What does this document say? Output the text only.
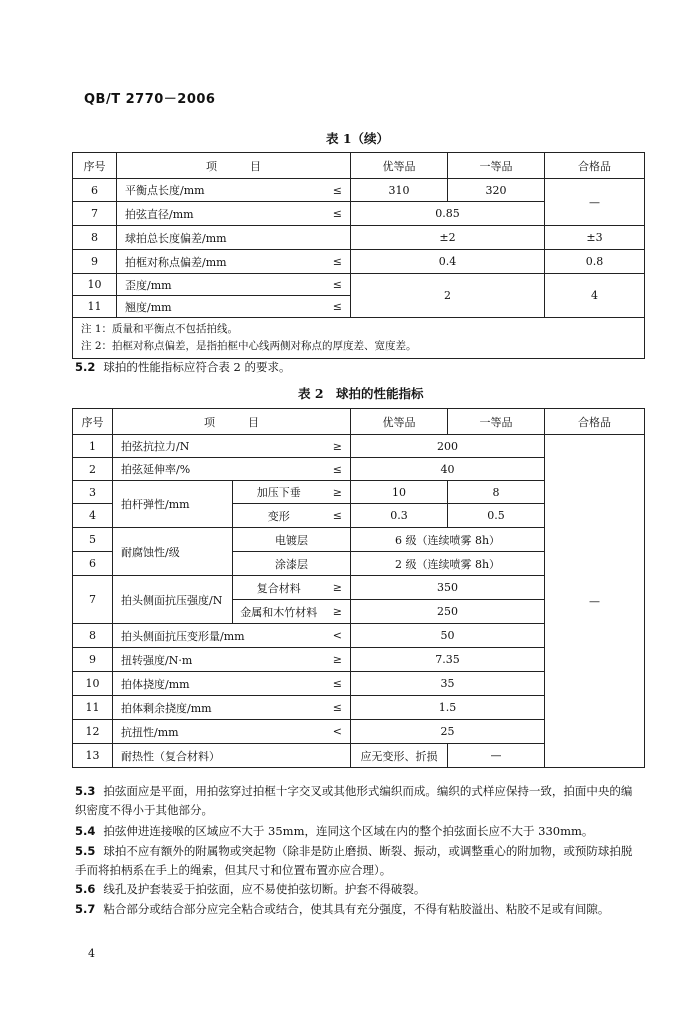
QB/T 2770－2006
表 1（续）
序号	项　　　目		优等品	一等品	合格品
6	平衡点长度/mm	≤	310	320	—
7	拍弦直径/mm	≤	0.85		
8	球拍总长度偏差/mm		±2		±3
9	拍框对称点偏差/mm	≤	0.4		0.8
10	歪度/mm	≤	2		4
11	翘度/mm	≤			

注 1：质量和平衡点不包括拍线。
注 2：拍框对称点偏差，是指拍框中心线两侧对称点的厚度差、宽度差。					
5.2 球拍的性能指标应符合表 2 的要求。
表 2　球拍的性能指标
序号	项　　　目			优等品	一等品	合格品
1	拍弦抗拉力/N		≥	200		—
2	拍弦延伸率/%		≤	40		
3	拍杆弹性/mm	加压下垂	≥	10	8	
4		变形	≤	0.3	0.5	
5	耐腐蚀性/级	电镀层		6 级（连续喷雾 8h）		
6		涂漆层		2 级（连续喷雾 8h）		
7	拍头侧面抗压强度/N	复合材料	≥	350		
		金属和木竹材料	≥	250		
8	拍头侧面抗压变形量/mm		<	50		
9	扭转强度/N·m		≥	7.35		
10	拍体挠度/mm		≤	35		
11	拍体剩余挠度/mm		≤	1.5		
12	抗扭性/mm		<	25		
13	耐热性（复合材料）			应无变形、折损	—	
5.3 拍弦面应是平面，用拍弦穿过拍框十字交叉或其他形式编织而成。编织的式样应保持一致，拍面中央的编织密度不得小于其他部分。
5.4 拍弦伸进连接喉的区域应不大于 35mm，连同这个区域在内的整个拍弦面长应不大于 330mm。
5.5 球拍不应有额外的附属物或突起物（除非是防止磨损、断裂、振动，或调整重心的附加物，或预防球拍脱手而将拍柄系在手上的绳索，但其尺寸和位置布置亦应合理）。
5.6 线孔及护套装妥于拍弦面，应不易使拍弦切断。护套不得破裂。
5.7 粘合部分或结合部分应完全粘合或结合，使其具有充分强度，不得有粘胶溢出、粘胶不足或有间隙。
4
